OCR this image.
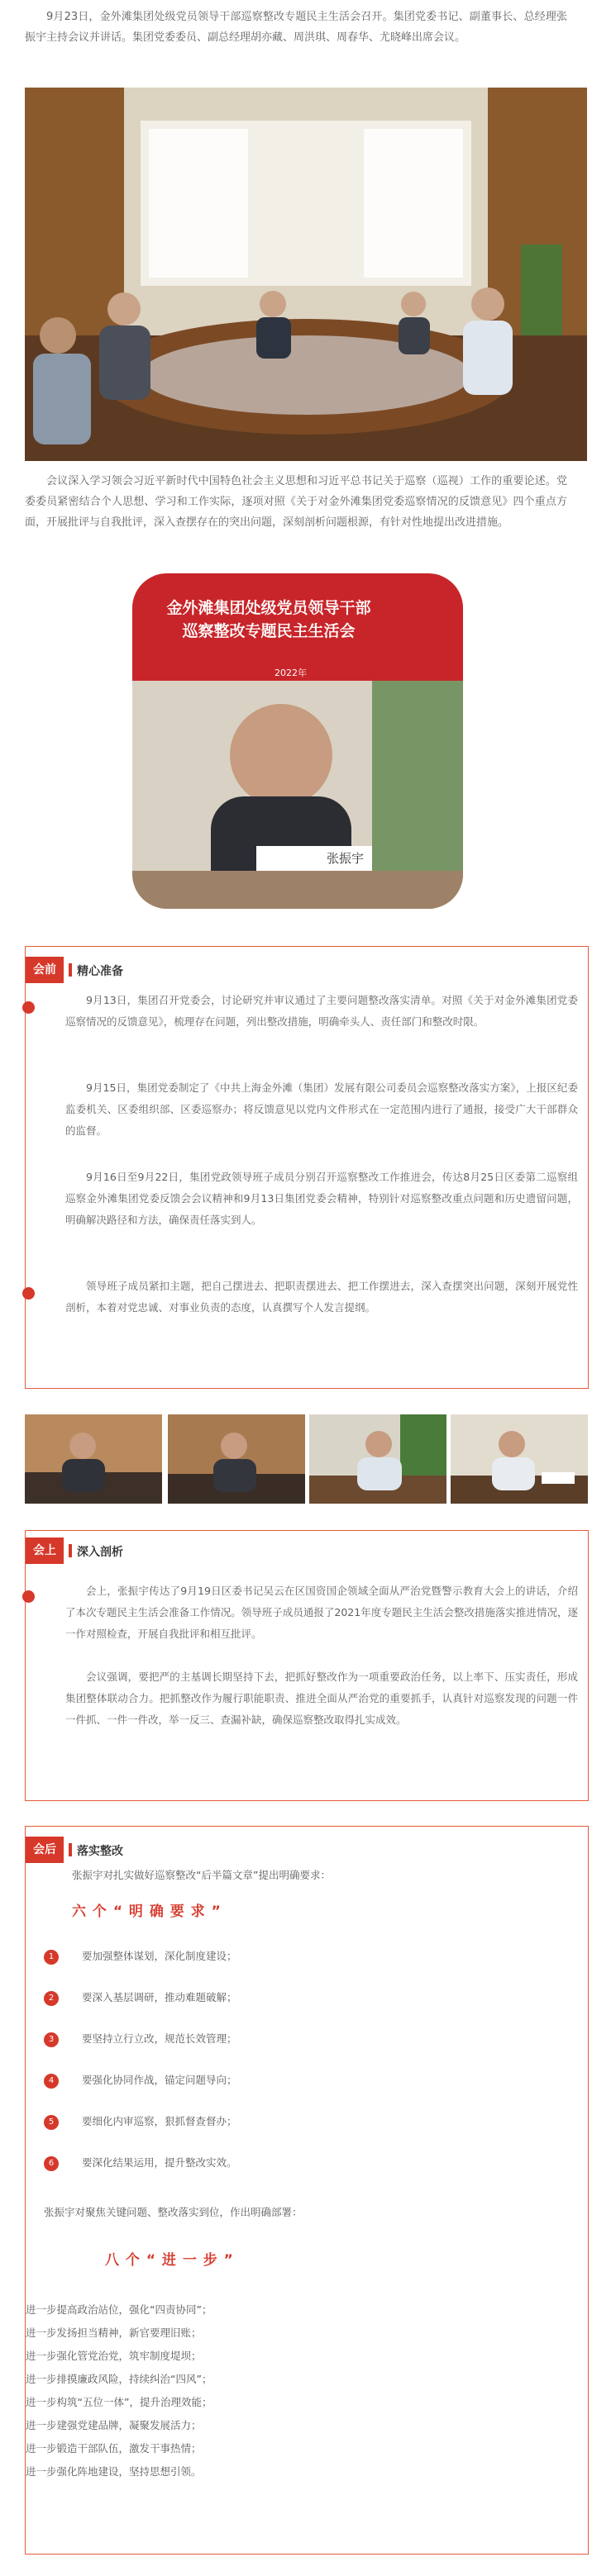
9月23日，金外滩集团处级党员领导干部巡察整改专题民主生活会召开。集团党委书记、副董事长、总经理张振宇主持会议并讲话。集团党委委员、副总经理胡亦藏、周洪琪、周春华、尤晓峰出席会议。

会议深入学习领会习近平新时代中国特色社会主义思想和习近平总书记关于巡察（巡视）工作的重要论述。党委委员紧密结合个人思想、学习和工作实际，逐项对照《关于对金外滩集团党委巡察情况的反馈意见》四个重点方面，开展批评与自我批评，深入查摆存在的突出问题，深刻剖析问题根源，有针对性地提出改进措施。

金外滩集团处级党员领导干部
巡察整改专题民主生活会
2022年
张振宇
会前	精心准备

9月13日，集团召开党委会，讨论研究并审议通过了主要问题整改落实清单。对照《关于对金外滩集团党委巡察情况的反馈意见》，梳理存在问题，列出整改措施，明确牵头人、责任部门和整改时限。

9月15日，集团党委制定了《中共上海金外滩（集团）发展有限公司委员会巡察整改落实方案》，上报区纪委监委机关、区委组织部、区委巡察办；将反馈意见以党内文件形式在一定范围内进行了通报，接受广大干部群众的监督。

9月16日至9月22日，集团党政领导班子成员分别召开巡察整改工作推进会，传达8月25日区委第二巡察组巡察金外滩集团党委反馈会会议精神和9月13日集团党委会精神，特别针对巡察整改重点问题和历史遗留问题，明确解决路径和方法，确保责任落实到人。

领导班子成员紧扣主题，把自己摆进去、把职责摆进去、把工作摆进去，深入查摆突出问题，深刻开展党性剖析，本着对党忠诚、对事业负责的态度，认真撰写个人发言提纲。

会上	深入剖析

会上，张振宇传达了9月19日区委书记吴云在区国资国企领域全面从严治党暨警示教育大会上的讲话，介绍了本次专题民主生活会准备工作情况。领导班子成员通报了2021年度专题民主生活会整改措施落实推进情况，逐一作对照检查，开展自我批评和相互批评。

会议强调，要把严的主基调长期坚持下去，把抓好整改作为一项重要政治任务，以上率下、压实责任，形成集团整体联动合力。把抓整改作为履行职能职责、推进全面从严治党的重要抓手，认真针对巡察发现的问题一件一件抓、一件一件改，举一反三、查漏补缺，确保巡察整改取得扎实成效。

会后	落实整改
张振宇对扎实做好巡察整改“后半篇文章”提出明确要求：
六 个 “ 明 确 要 求 ”
1	要加强整体谋划，深化制度建设；
2	要深入基层调研，推动难题破解；
3	要坚持立行立改，规范长效管理；
4	要强化协同作战，锚定问题导向；
5	要细化内审巡察，狠抓督查督办；
6	要深化结果运用，提升整改实效。
张振宇对聚焦关键问题、整改落实到位，作出明确部署：
八 个 “ 进 一 步 ”
进一步提高政治站位，强化“四责协同”；
进一步发扬担当精神，新官要理旧账；
进一步强化管党治党，筑牢制度堤坝；
进一步排摸廉政风险，持续纠治“四风”；
进一步构筑“五位一体”，提升治理效能；
进一步建强党建品牌，凝聚发展活力；
进一步锻造干部队伍，激发干事热情；
进一步强化阵地建设，坚持思想引领。
